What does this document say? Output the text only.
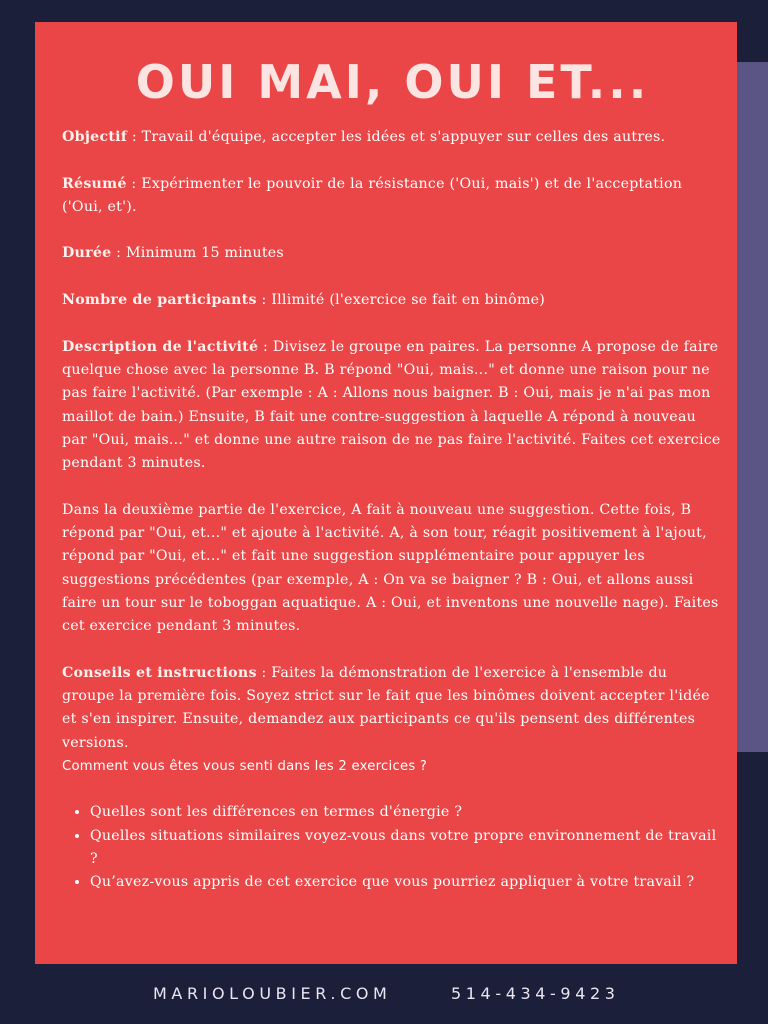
OUI MAI, OUI ET...

Objectif : Travail d'équipe, accepter les idées et s'appuyer sur celles des autres.

Résumé : Expérimenter le pouvoir de la résistance ('Oui, mais') et de l'acceptation ('Oui, et').

Durée : Minimum 15 minutes

Nombre de participants : Illimité (l'exercice se fait en binôme)

Description de l'activité : Divisez le groupe en paires. La personne A propose de faire quelque chose avec la personne B. B répond "Oui, mais..." et donne une raison pour ne pas faire l'activité. (Par exemple : A : Allons nous baigner. B : Oui, mais je n'ai pas mon maillot de bain.) Ensuite, B fait une contre-suggestion à laquelle A répond à nouveau par "Oui, mais..." et donne une autre raison de ne pas faire l'activité. Faites cet exercice pendant 3 minutes.

Dans la deuxième partie de l'exercice, A fait à nouveau une suggestion. Cette fois, B répond par "Oui, et..." et ajoute à l'activité. A, à son tour, réagit positivement à l'ajout, répond par "Oui, et..." et fait une suggestion supplémentaire pour appuyer les suggestions précédentes (par exemple, A : On va se baigner ? B : Oui, et allons aussi faire un tour sur le toboggan aquatique. A : Oui, et inventons une nouvelle nage). Faites cet exercice pendant 3 minutes.

Conseils et instructions : Faites la démonstration de l'exercice à l'ensemble du groupe la première fois. Soyez strict sur le fait que les binômes doivent accepter l'idée et s'en inspirer. Ensuite, demandez aux participants ce qu'ils pensent des différentes versions.

Comment vous êtes vous senti dans les 2 exercices ?

• Quelles sont les différences en termes d'énergie ?
• Quelles situations similaires voyez-vous dans votre propre environnement de travail ?
• Qu’avez-vous appris de cet exercice que vous pourriez appliquer à votre travail ?
MARIOLOUBIER.COM	514-434-9423
